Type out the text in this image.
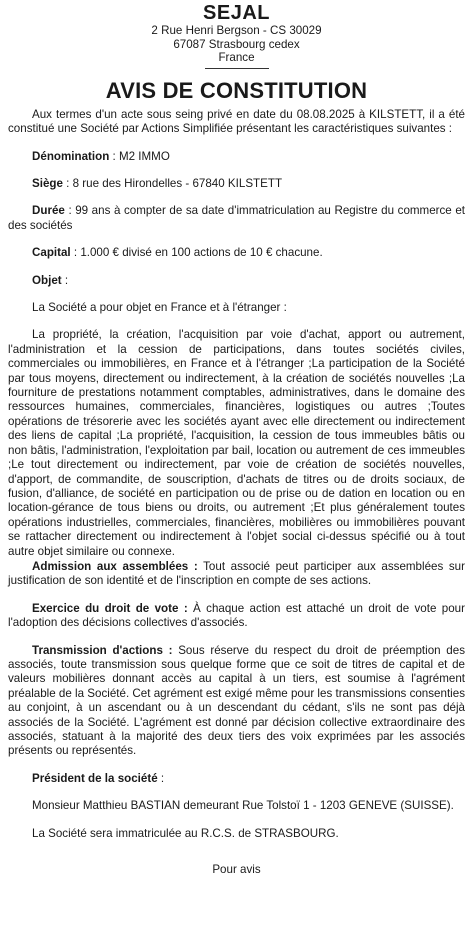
SEJAL
2 Rue Henri Bergson - CS 30029
67087 Strasbourg cedex
France
AVIS DE CONSTITUTION

Aux termes d'un acte sous seing privé en date du 08.08.2025 à KILSTETT, il a été constitué une Société par Actions Simplifiée présentant les caractéristiques suivantes :

Dénomination : M2 IMMO

Siège : 8 rue des Hirondelles - 67840 KILSTETT

Durée : 99 ans à compter de sa date d'immatriculation au Registre du commerce et des sociétés

Capital : 1.000 € divisé en 100 actions de 10 € chacune.

Objet :

La Société a pour objet en France et à l'étranger :

La propriété, la création, l'acquisition par voie d'achat, apport ou autrement, l'administration et la cession de participations, dans toutes sociétés civiles, commerciales ou immobilières, en France et à l'étranger ;La participation de la Société par tous moyens, directement ou indirectement, à la création de sociétés nouvelles ;La fourniture de prestations notamment comptables, administratives, dans le domaine des ressources humaines, commerciales, financières, logistiques ou autres ;Toutes opérations de trésorerie avec les sociétés ayant avec elle directement ou indirectement des liens de capital ;La propriété, l'acquisition, la cession de tous immeubles bâtis ou non bâtis, l'administration, l'exploitation par bail, location ou autrement de ces immeubles ;Le tout directement ou indirectement, par voie de création de sociétés nouvelles, d'apport, de commandite, de souscription, d'achats de titres ou de droits sociaux, de fusion, d'alliance, de société en participation ou de prise ou de dation en location ou en location-gérance de tous biens ou droits, ou autrement ;Et plus généralement toutes opérations industrielles, commerciales, financières, mobilières ou immobilières pouvant se rattacher directement ou indirectement à l'objet social ci-dessus spécifié ou à tout autre objet similaire ou connexe.

Admission aux assemblées : Tout associé peut participer aux assemblées sur justification de son identité et de l'inscription en compte de ses actions.

Exercice du droit de vote : À chaque action est attaché un droit de vote pour l'adoption des décisions collectives d'associés.

Transmission d'actions : Sous réserve du respect du droit de préemption des associés, toute transmission sous quelque forme que ce soit de titres de capital et de valeurs mobilières donnant accès au capital à un tiers, est soumise à l'agrément préalable de la Société. Cet agrément est exigé même pour les transmissions consenties au conjoint, à un ascendant ou à un descendant du cédant, s'ils ne sont pas déjà associés de la Société. L'agrément est donné par décision collective extraordinaire des associés, statuant à la majorité des deux tiers des voix exprimées par les associés présents ou représentés.

Président de la société :

Monsieur Matthieu BASTIAN demeurant Rue Tolstoï 1 - 1203 GENEVE (SUISSE).

La Société sera immatriculée au R.C.S. de STRASBOURG.

Pour avis
